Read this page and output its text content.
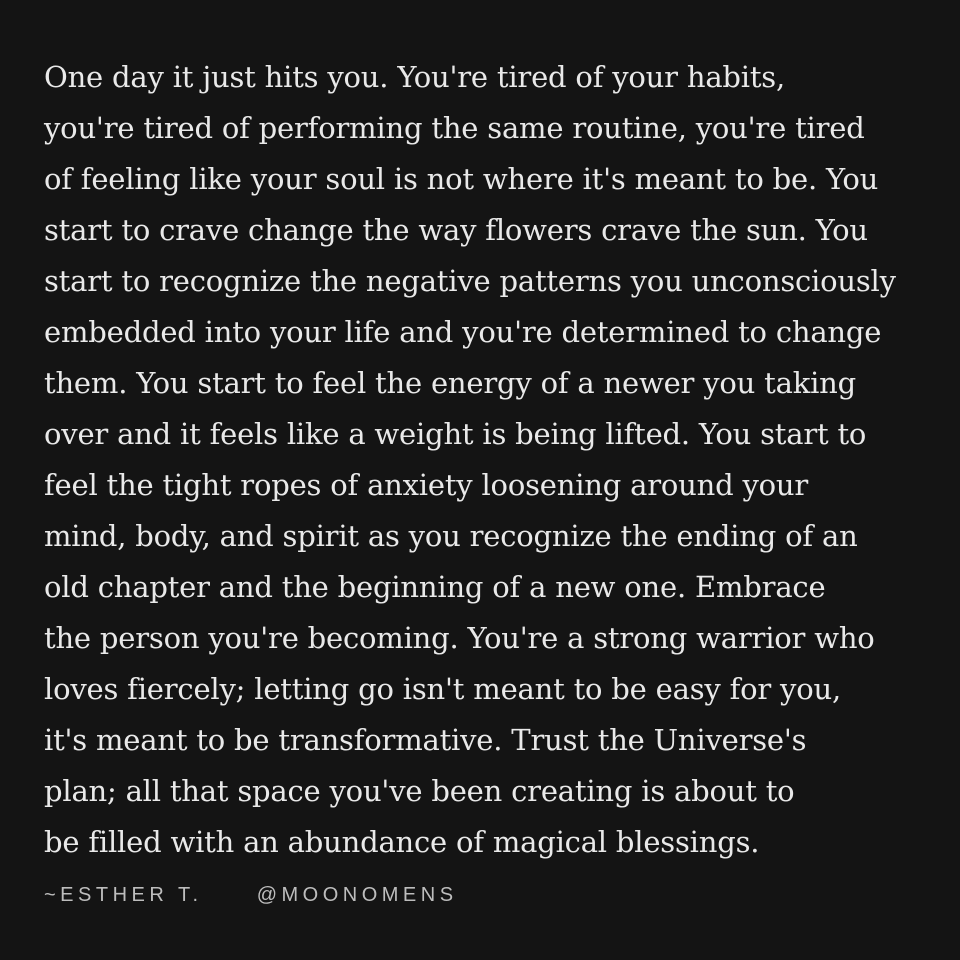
One day it just hits you. You're tired of your habits,
you're tired of performing the same routine, you're tired
of feeling like your soul is not where it's meant to be. You
start to crave change the way flowers crave the sun. You
start to recognize the negative patterns you unconsciously
embedded into your life and you're determined to change
them. You start to feel the energy of a newer you taking
over and it feels like a weight is being lifted. You start to
feel the tight ropes of anxiety loosening around your
mind, body, and spirit as you recognize the ending of an
old chapter and the beginning of a new one. Embrace
the person you're becoming. You're a strong warrior who
loves fiercely; letting go isn't meant to be easy for you,
it's meant to be transformative. Trust the Universe's
plan; all that space you've been creating is about to
be filled with an abundance of magical blessings.
~ESTHER T.	@MOONOMENS
